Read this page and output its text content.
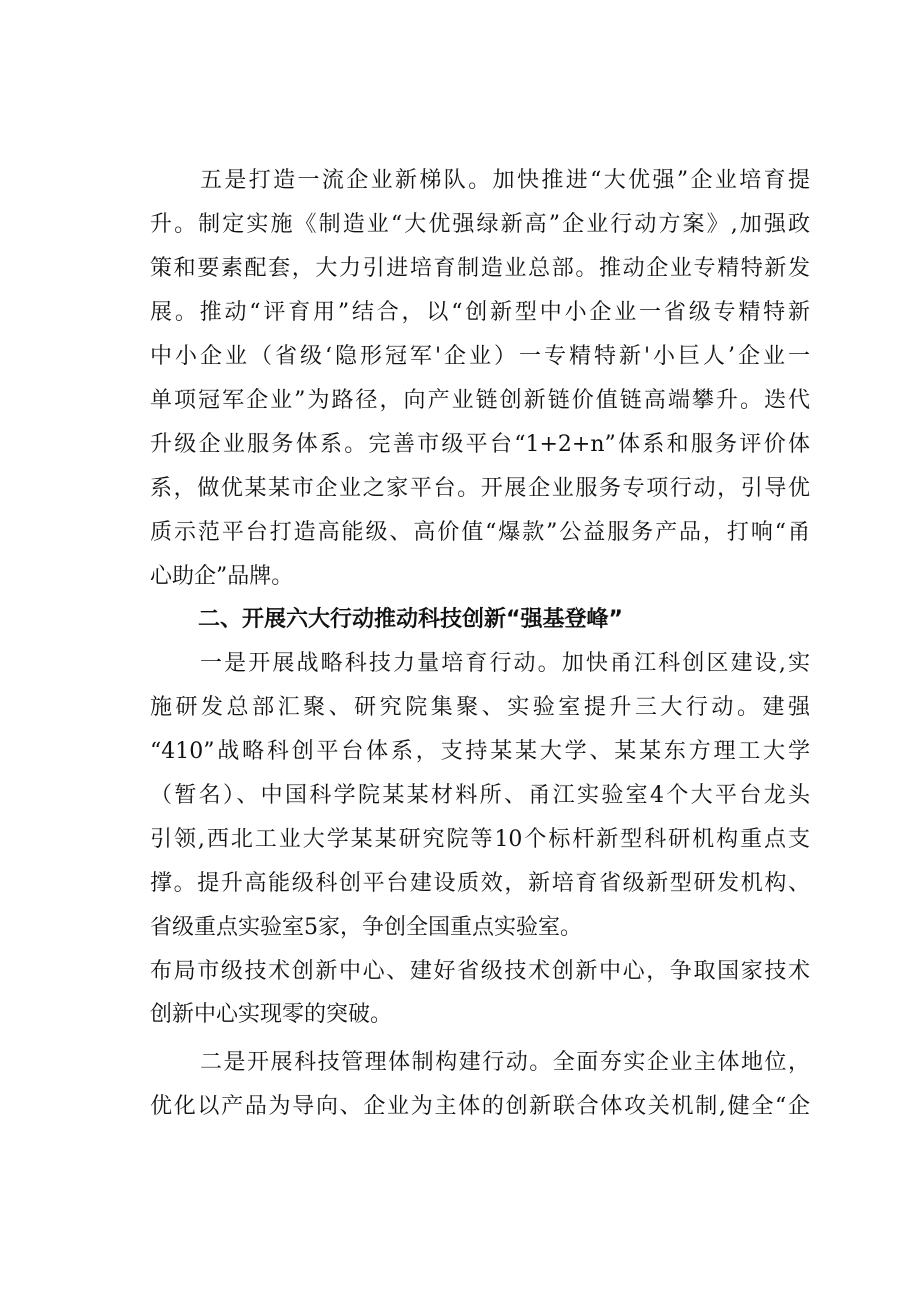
五是打造一流企业新梯队。加快推进“大优强”企业培育提
升。制定实施《制造业“大优强绿新高”企业行动方案》,加强政
策和要素配套，大力引进培育制造业总部。推动企业专精特新发
展。推动“评育用”结合，以“创新型中小企业一省级专精特新
中小企业（省级‘隐形冠军'企业）一专精特新'小巨人’企业一
单项冠军企业”为路径，向产业链创新链价值链高端攀升。迭代
升级企业服务体系。完善市级平台“1+2+n”体系和服务评价体
系，做优某某市企业之家平台。开展企业服务专项行动，引导优
质示范平台打造高能级、高价值“爆款”公益服务产品，打响“甬
心助企”品牌。
二、开展六大行动推动科技创新“强基登峰”
一是开展战略科技力量培育行动。加快甬江科创区建设,实
施研发总部汇聚、研究院集聚、实验室提升三大行动。建强
“410”战略科创平台体系，支持某某大学、某某东方理工大学
（暂名）、中国科学院某某材料所、甬江实验室4个大平台龙头
引领,西北工业大学某某研究院等10个标杆新型科研机构重点支
撑。提升高能级科创平台建设质效，新培育省级新型研发机构、
省级重点实验室5家，争创全国重点实验室。
布局市级技术创新中心、建好省级技术创新中心，争取国家技术
创新中心实现零的突破。
二是开展科技管理体制构建行动。全面夯实企业主体地位，
优化以产品为导向、企业为主体的创新联合体攻关机制,健全“企
